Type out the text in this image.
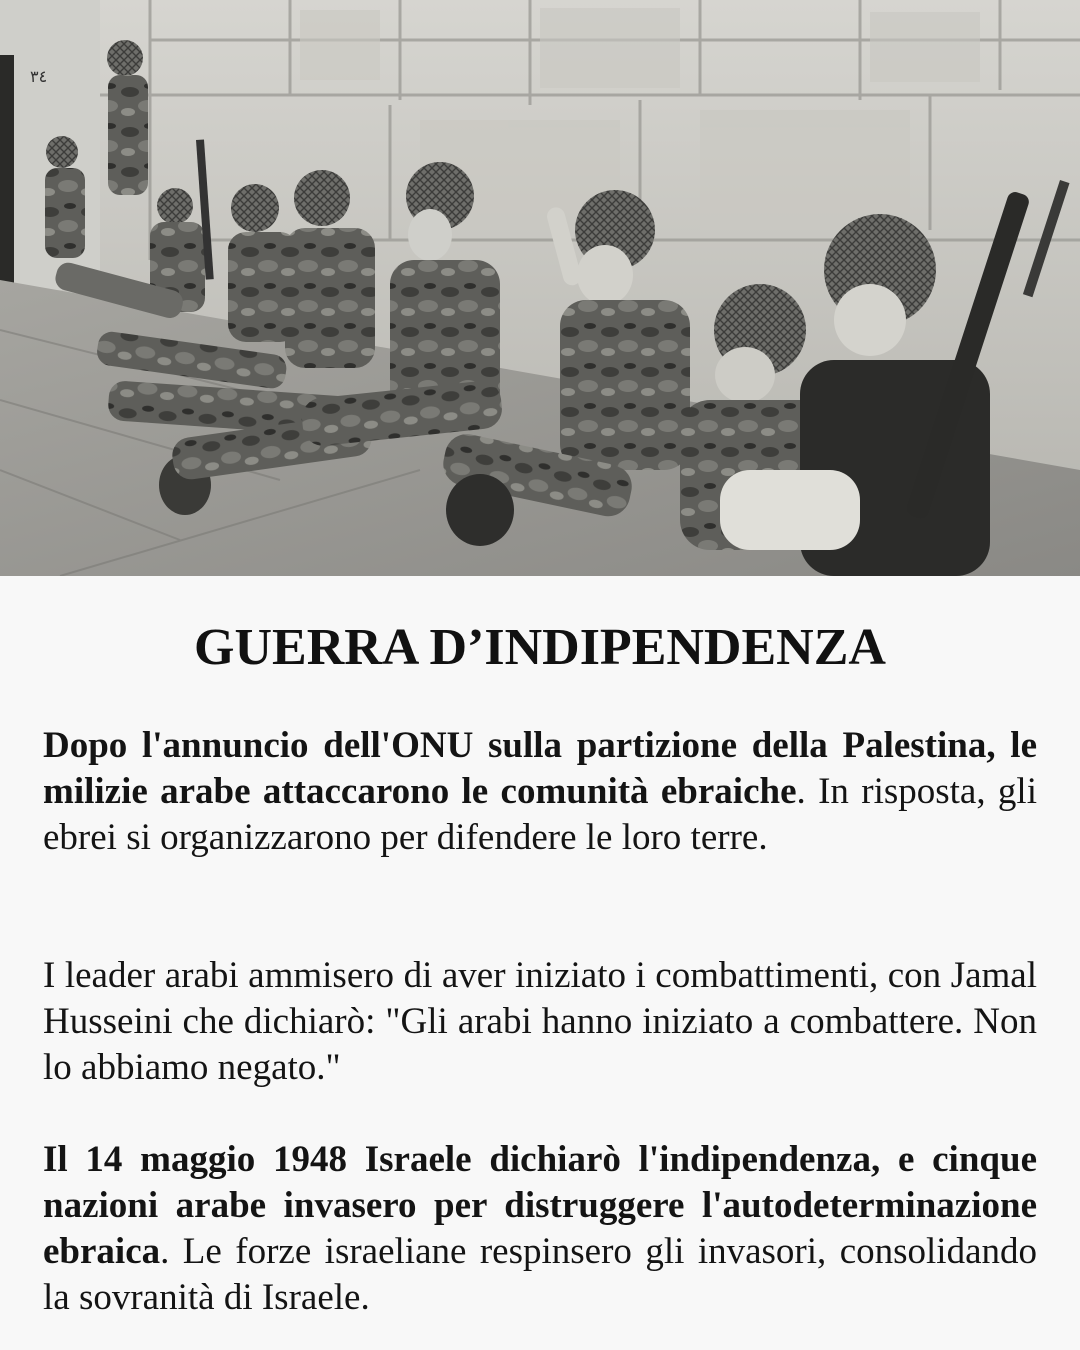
٣٤
GUERRA D’INDIPENDENZA

Dopo l'annuncio dell'ONU sulla partizione della Palestina, le milizie arabe attaccarono le comunità ebraiche. In risposta, gli ebrei si organizzarono per difendere le loro terre.

I leader arabi ammisero di aver iniziato i combattimenti, con Jamal Husseini che dichiarò: "Gli arabi hanno iniziato a combattere. Non lo abbiamo negato."

Il 14 maggio 1948 Israele dichiarò l'indipendenza, e cinque nazioni arabe invasero per distruggere l'autodeterminazione ebraica. Le forze israeliane respinsero gli invasori, consolidando la sovranità di Israele.
